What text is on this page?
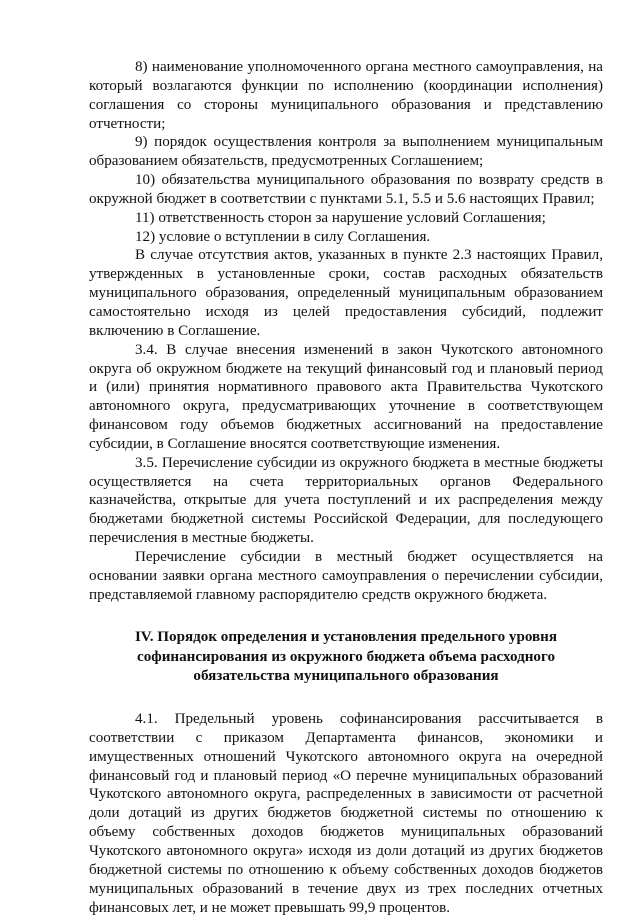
8) наименование уполномоченного органа местного самоуправления, на который возлагаются функции по исполнению (координации исполнения) соглашения со стороны муниципального образования и представлению отчетности;

9) порядок осуществления контроля за выполнением муниципальным образованием обязательств, предусмотренных Соглашением;

10) обязательства муниципального образования по возврату средств в окружной бюджет в соответствии с пунктами 5.1, 5.5 и 5.6 настоящих Правил;

11) ответственность сторон за нарушение условий Соглашения;

12) условие о вступлении в силу Соглашения.

В случае отсутствия актов, указанных в пункте 2.3 настоящих Правил, утвержденных в установленные сроки, состав расходных обязательств муниципального образования, определенный муниципальным образованием самостоятельно исходя из целей предоставления субсидий, подлежит включению в Соглашение.

3.4. В случае внесения изменений в закон Чукотского автономного округа об окружном бюджете на текущий финансовый год и плановый период и (или) принятия нормативного правового акта Правительства Чукотского автономного округа, предусматривающих уточнение в соответствующем финансовом году объемов бюджетных ассигнований на предоставление субсидии, в Соглашение вносятся соответствующие изменения.

3.5. Перечисление субсидии из окружного бюджета в местные бюджеты осуществляется на счета территориальных органов Федерального казначейства, открытые для учета поступлений и их распределения между бюджетами бюджетной системы Российской Федерации, для последующего перечисления в местные бюджеты.

Перечисление субсидии в местный бюджет осуществляется на основании заявки органа местного самоуправления о перечислении субсидии, представляемой главному распорядителю средств окружного бюджета.

IV. Порядок определения и установления предельного уровня
софинансирования из окружного бюджета объема расходного
обязательства муниципального образования

4.1. Предельный уровень софинансирования рассчитывается в соответствии с приказом Департамента финансов, экономики и имущественных отношений Чукотского автономного округа на очередной финансовый год и плановый период «О перечне муниципальных образований Чукотского автономного округа, распределенных в зависимости от расчетной доли дотаций из других бюджетов бюджетной системы по отношению к объему собственных доходов бюджетов муниципальных образований Чукотского автономного округа» исходя из доли дотаций из других бюджетов бюджетной системы по отношению к объему собственных доходов бюджетов муниципальных образований в течение двух из трех последних отчетных финансовых лет, и не может превышать 99,9 процентов.
